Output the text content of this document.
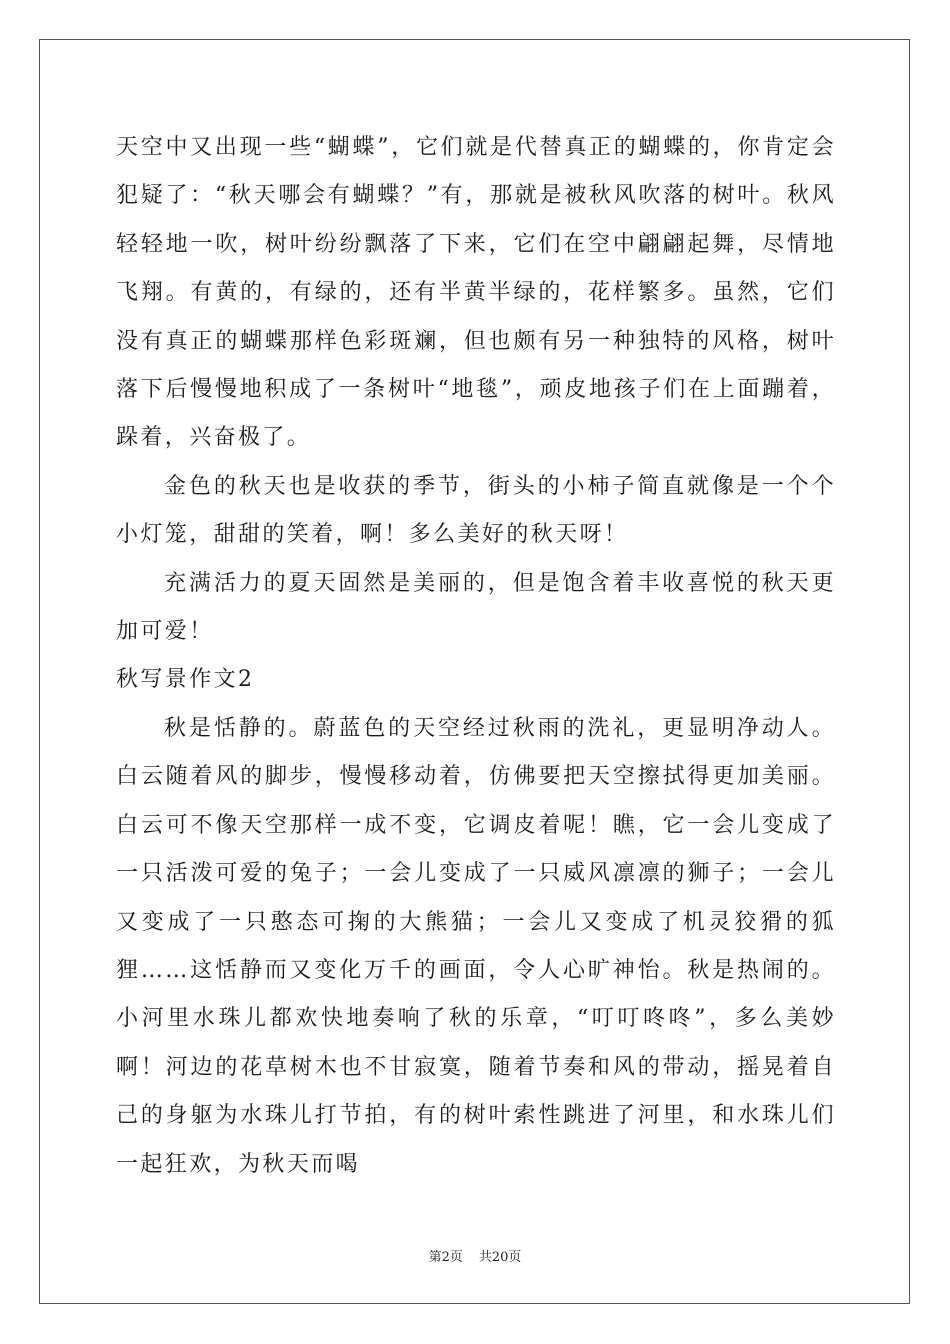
天空中又出现一些“蝴蝶”，它们就是代替真正的蝴蝶的，你肯定会犯疑了：“秋天哪会有蝴蝶？”有，那就是被秋风吹落的树叶。秋风轻轻地一吹，树叶纷纷飘落了下来，它们在空中翩翩起舞，尽情地飞翔。有黄的，有绿的，还有半黄半绿的，花样繁多。虽然，它们没有真正的蝴蝶那样色彩斑斓，但也颇有另一种独特的风格，树叶落下后慢慢地积成了一条树叶“地毯”，顽皮地孩子们在上面蹦着，跺着，兴奋极了。

金色的秋天也是收获的季节，街头的小柿子简直就像是一个个小灯笼，甜甜的笑着，啊！多么美好的秋天呀！

充满活力的夏天固然是美丽的，但是饱含着丰收喜悦的秋天更加可爱！

秋写景作文2

秋是恬静的。蔚蓝色的天空经过秋雨的洗礼，更显明净动人。白云随着风的脚步，慢慢移动着，仿佛要把天空擦拭得更加美丽。白云可不像天空那样一成不变，它调皮着呢！瞧，它一会儿变成了一只活泼可爱的兔子；一会儿变成了一只威风凛凛的狮子；一会儿又变成了一只憨态可掬的大熊猫；一会儿又变成了机灵狡猾的狐狸……这恬静而又变化万千的画面，令人心旷神怡。秋是热闹的。小河里水珠儿都欢快地奏响了秋的乐章，“叮叮咚咚”，多么美妙啊！河边的花草树木也不甘寂寞，随着节奏和风的带动，摇晃着自己的身躯为水珠儿打节拍，有的树叶索性跳进了河里，和水珠儿们一起狂欢，为秋天而喝

第2页 共20页
